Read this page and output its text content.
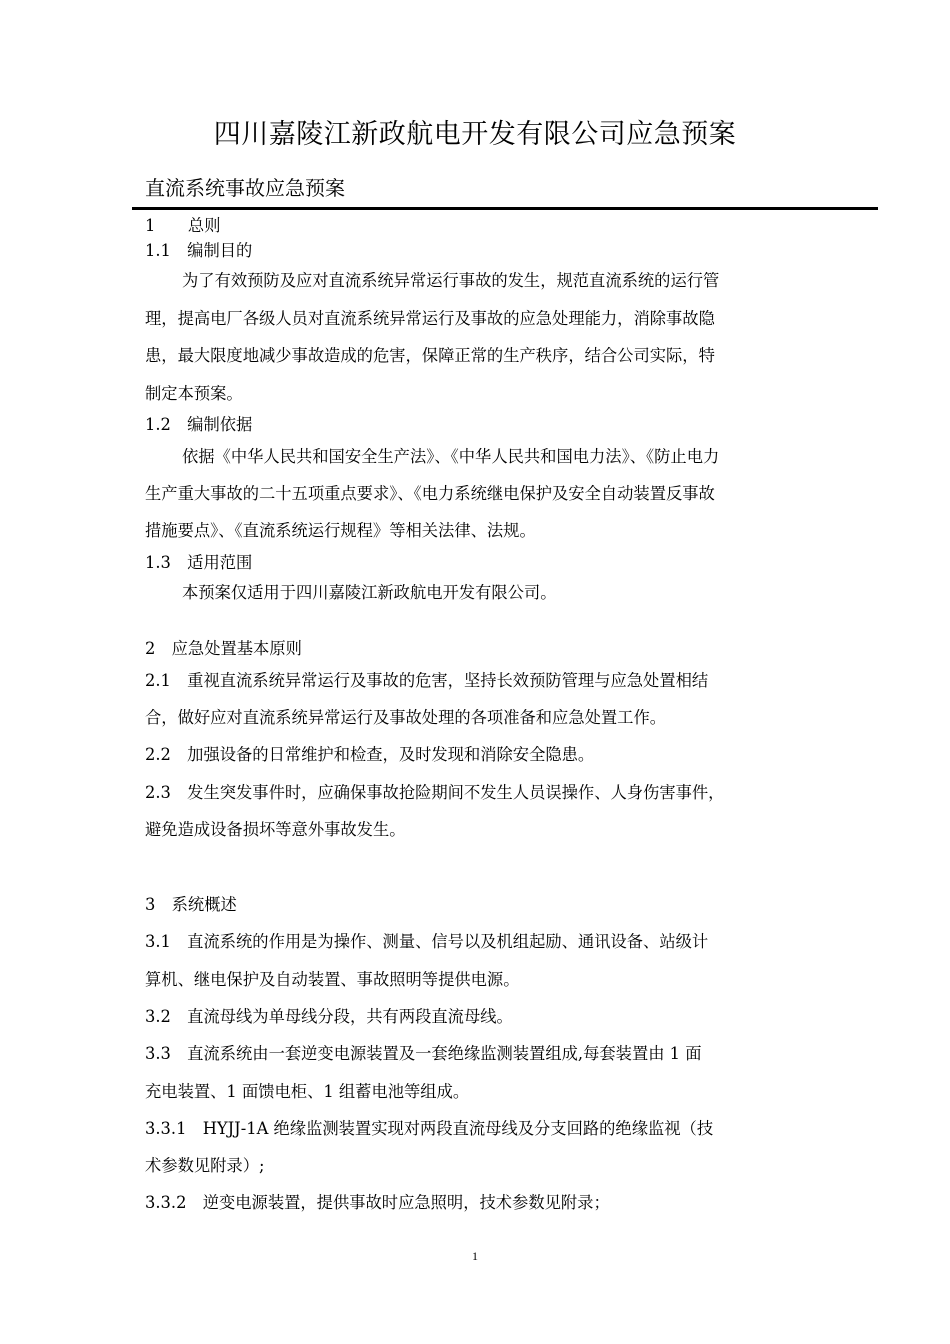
四川嘉陵江新政航电开发有限公司应急预案
直流系统事故应急预案
1　　总则
1.1　编制目的
为了有效预防及应对直流系统异常运行事故的发生，规范直流系统的运行管
理，提高电厂各级人员对直流系统异常运行及事故的应急处理能力，消除事故隐
患，最大限度地减少事故造成的危害，保障正常的生产秩序，结合公司实际，特
制定本预案。
1.2　编制依据
依据《中华人民共和国安全生产法》、《中华人民共和国电力法》、《防止电力
生产重大事故的二十五项重点要求》、《电力系统继电保护及安全自动装置反事故
措施要点》、《直流系统运行规程》等相关法律、法规。
1.3　适用范围
本预案仅适用于四川嘉陵江新政航电开发有限公司。
2　应急处置基本原则
2.1　重视直流系统异常运行及事故的危害，坚持长效预防管理与应急处置相结
合，做好应对直流系统异常运行及事故处理的各项准备和应急处置工作。
2.2　加强设备的日常维护和检查，及时发现和消除安全隐患。
2.3　发生突发事件时，应确保事故抢险期间不发生人员误操作、人身伤害事件，
避免造成设备损坏等意外事故发生。
3　系统概述
3.1　直流系统的作用是为操作、测量、信号以及机组起励、通讯设备、站级计
算机、继电保护及自动装置、事故照明等提供电源。
3.2　直流母线为单母线分段，共有两段直流母线。
3.3　直流系统由一套逆变电源装置及一套绝缘监测装置组成,每套装置由 1 面
充电装置、1 面馈电柜、1 组蓄电池等组成。
3.3.1　HYJJ-1A 绝缘监测装置实现对两段直流母线及分支回路的绝缘监视（技
术参数见附录）;
3.3.2　逆变电源装置，提供事故时应急照明，技术参数见附录；
1
